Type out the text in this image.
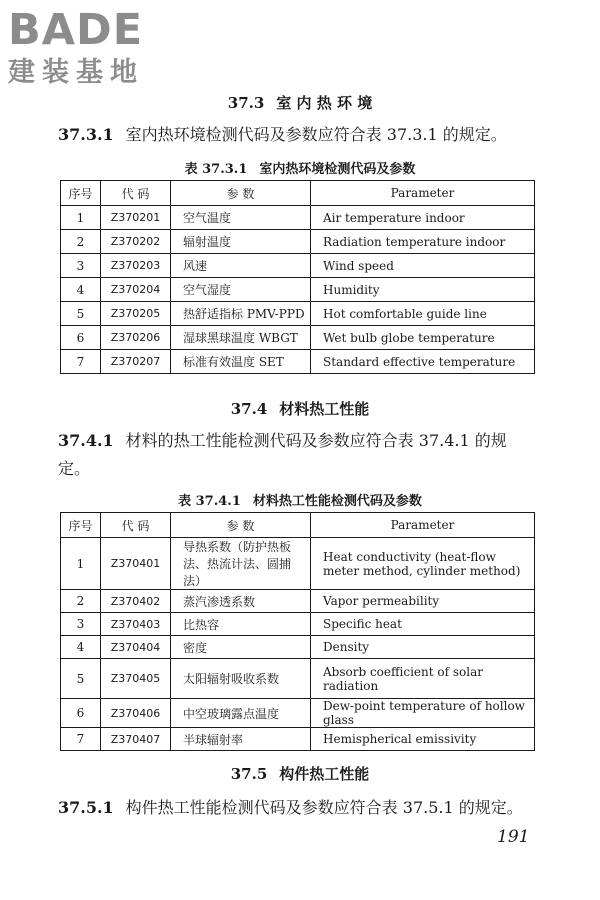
BADE
建装基地
37.3 室 内 热 环 境
37.3.1 室内热环境检测代码及参数应符合表 37.3.1 的规定。
表 37.3.1 室内热环境检测代码及参数
序号	代 码	参 数	Parameter
1	Z370201	空气温度	Air temperature indoor
2	Z370202	辐射温度	Radiation temperature indoor
3	Z370203	风速	Wind speed
4	Z370204	空气湿度	Humidity
5	Z370205	热舒适指标 PMV-PPD	Hot comfortable guide line
6	Z370206	湿球黑球温度 WBGT	Wet bulb globe temperature
7	Z370207	标准有效温度 SET	Standard effective temperature
37.4 材料热工性能
37.4.1 材料的热工性能检测代码及参数应符合表 37.4.1 的规定。
表 37.4.1 材料热工性能检测代码及参数
序号	代 码	参 数	Parameter
1	Z370401	导热系数（防护热板法、热流计法、圆捕法）	Heat conductivity (heat-flow meter method, cylinder method)
2	Z370402	蒸汽渗透系数	Vapor permeability
3	Z370403	比热容	Specific heat
4	Z370404	密度	Density
5	Z370405	太阳辐射吸收系数	Absorb coefficient of solar radiation
6	Z370406	中空玻璃露点温度	Dew-point temperature of hollow glass
7	Z370407	半球辐射率	Hemispherical emissivity
37.5 构件热工性能
37.5.1 构件热工性能检测代码及参数应符合表 37.5.1 的规定。
191
